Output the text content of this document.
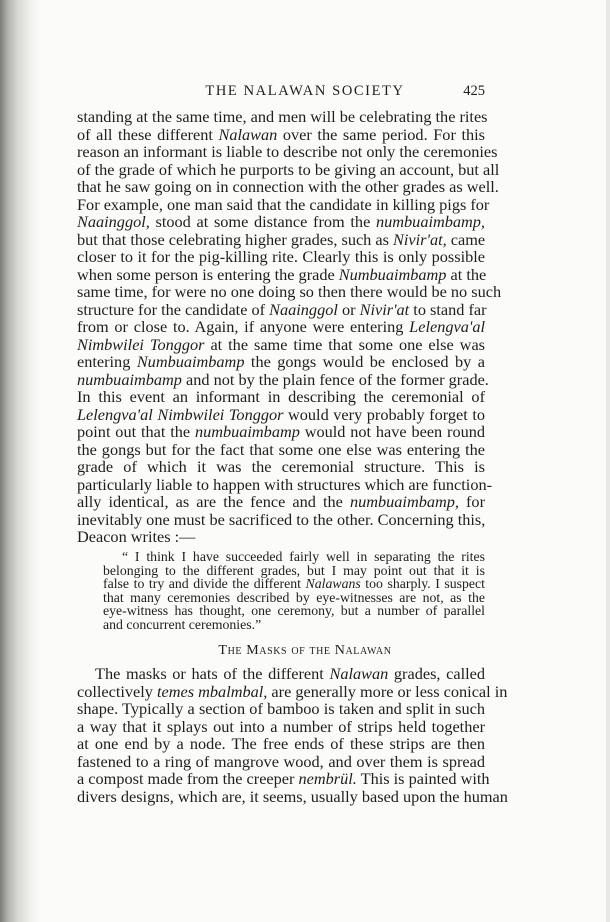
THE NALAWAN SOCIETY	425
standing at the same time, and men will be celebrating the rites
of all these different Nalawan over the same period. For this
reason an informant is liable to describe not only the ceremonies
of the grade of which he purports to be giving an account, but all
that he saw going on in connection with the other grades as well.
For example, one man said that the candidate in killing pigs for
Naainggol, stood at some distance from the numbuaimbamp,
but that those celebrating higher grades, such as Nivir'at, came
closer to it for the pig-killing rite. Clearly this is only possible
when some person is entering the grade Numbuaimbamp at the
same time, for were no one doing so then there would be no such
structure for the candidate of Naainggol or Nivir'at to stand far
from or close to. Again, if anyone were entering Lelengva'al
Nimbwilei Tonggor at the same time that some one else was
entering Numbuaimbamp the gongs would be enclosed by a
numbuaimbamp and not by the plain fence of the former grade.
In this event an informant in describing the ceremonial of
Lelengva'al Nimbwilei Tonggor would very probably forget to
point out that the numbuaimbamp would not have been round
the gongs but for the fact that some one else was entering the
grade of which it was the ceremonial structure. This is
particularly liable to happen with structures which are function-
ally identical, as are the fence and the numbuaimbamp, for
inevitably one must be sacrificed to the other. Concerning this,
Deacon writes :—
“ I think I have succeeded fairly well in separating the rites
belonging to the different grades, but I may point out that it is
false to try and divide the different Nalawans too sharply. I suspect
that many ceremonies described by eye-witnesses are not, as the
eye-witness has thought, one ceremony, but a number of parallel
and concurrent ceremonies.”
The Masks of the Nalawan
The masks or hats of the different Nalawan grades, called
collectively temes mbalmbal, are generally more or less conical in
shape. Typically a section of bamboo is taken and split in such
a way that it splays out into a number of strips held together
at one end by a node. The free ends of these strips are then
fastened to a ring of mangrove wood, and over them is spread
a compost made from the creeper nembrül. This is painted with
divers designs, which are, it seems, usually based upon the human
